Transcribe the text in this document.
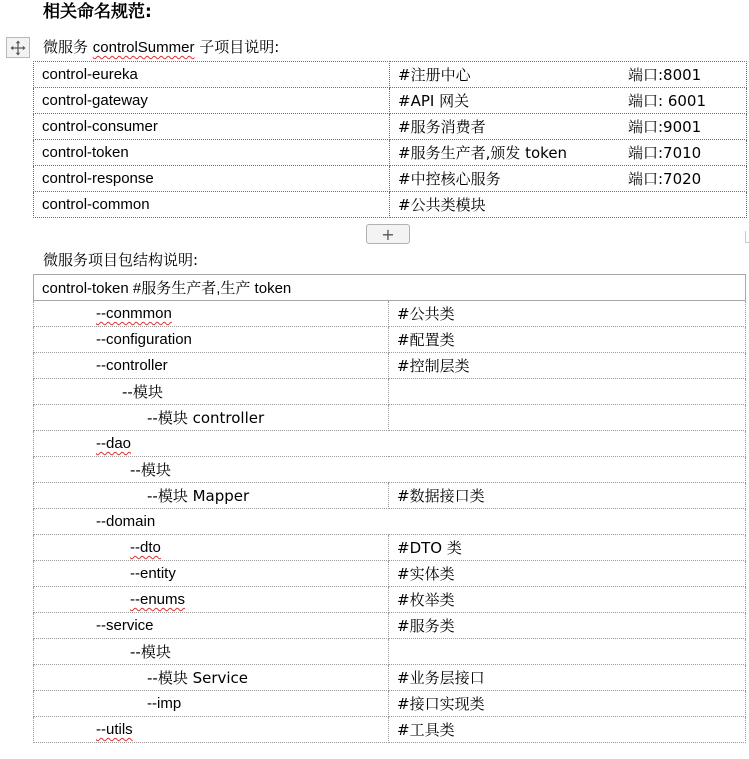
相关命名规范:
微服务 controlSummer 子项目说明:
control-eureka	#注册中心 端口:8001

control-gateway	#API 网关 端口: 6001

control-consumer	#服务消费者 端口:9001

control-token	#服务生产者,颁发 token 端口:7010

control-response	#中控核心服务 端口:7020

control-common	#公共类模块
+
微服务项目包结构说明:
control-token #服务生产者,生产 token	
--conmmon	#公共类
--configuration	#配置类
--controller	#控制层类
--模块	
--模块 controller	
--dao	
--模块	
--模块 Mapper	#数据接口类
--domain	
--dto	#DTO 类
--entity	#实体类
--enums	#枚举类
--service	#服务类
--模块	
--模块 Service	#业务层接口
--imp	#接口实现类
--utils	#工具类
